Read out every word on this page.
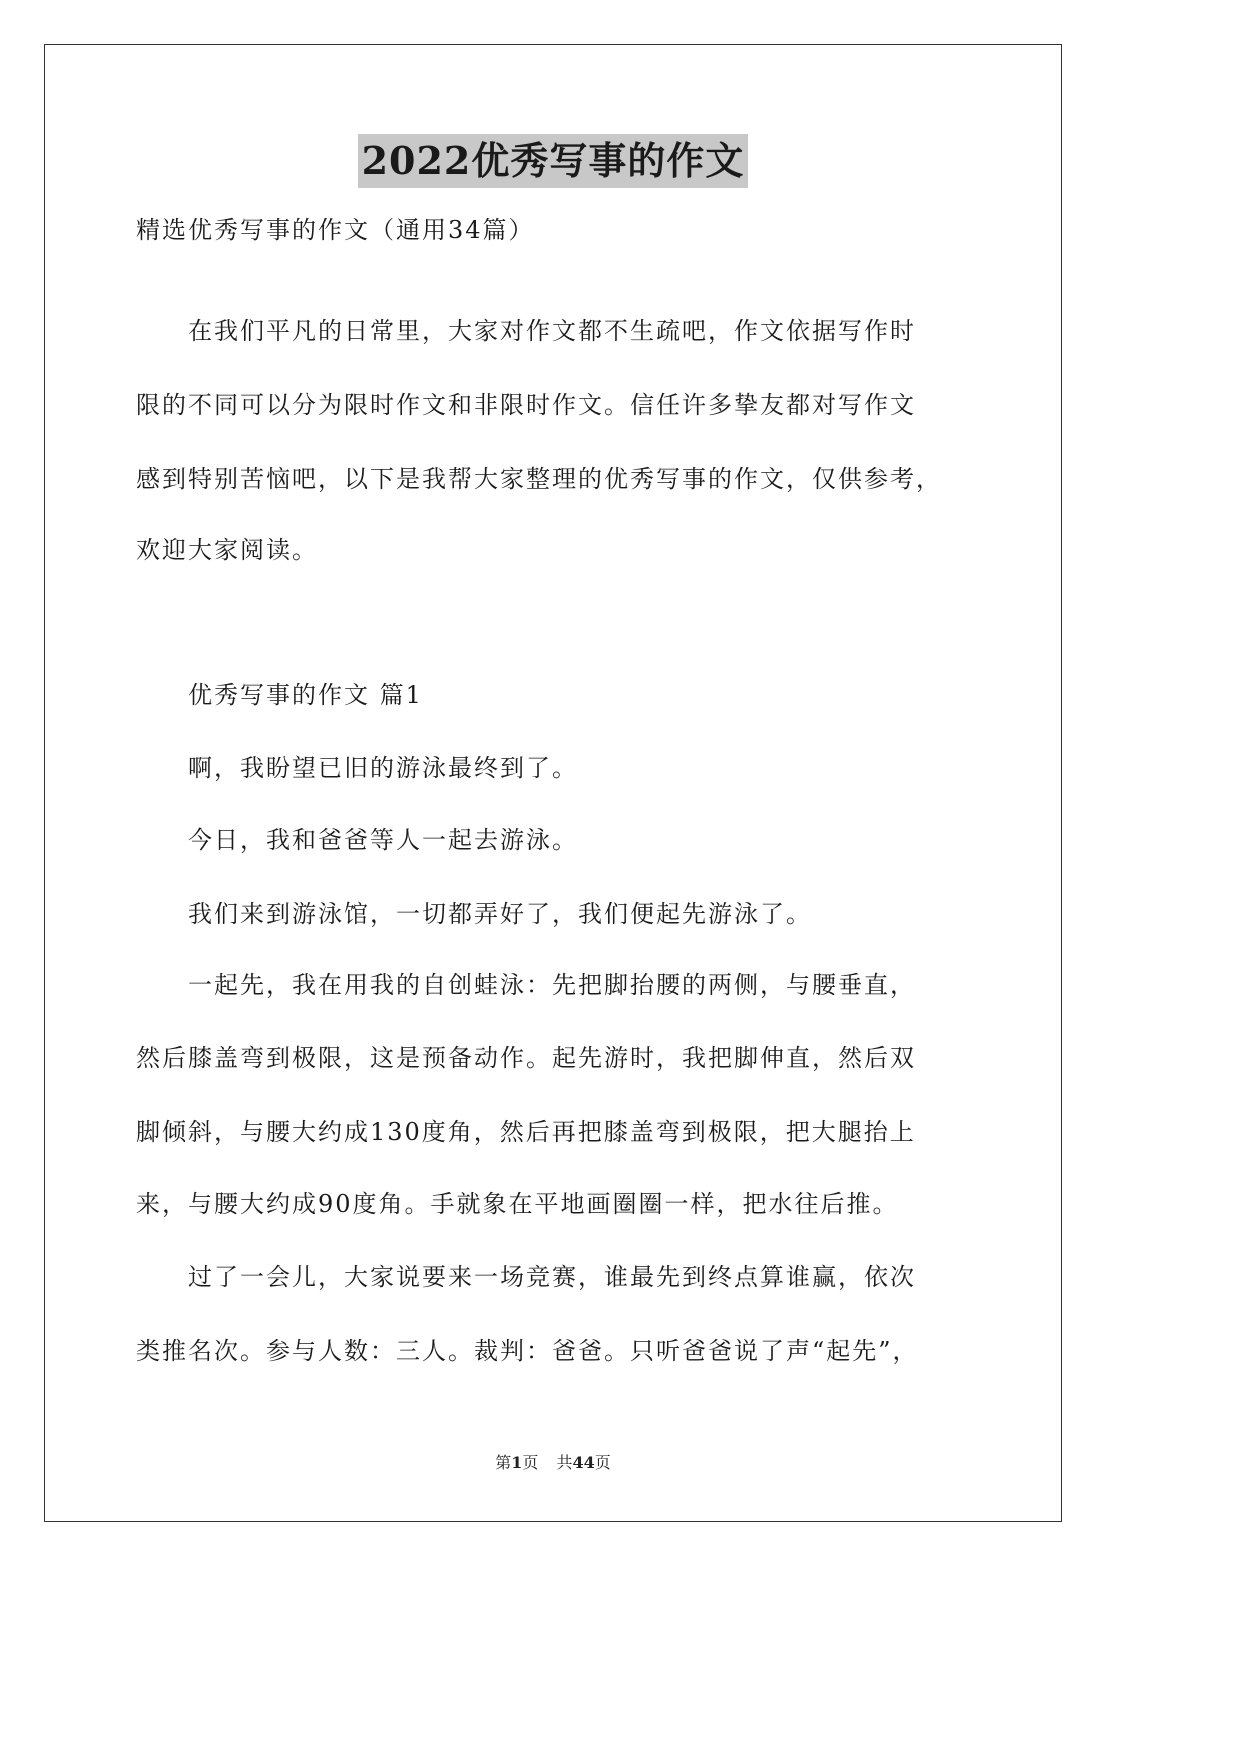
2022优秀写事的作文
精选优秀写事的作文（通用34篇）
　　在我们平凡的日常里，大家对作文都不生疏吧，作文依据写作时
限的不同可以分为限时作文和非限时作文。信任许多挚友都对写作文
感到特别苦恼吧，以下是我帮大家整理的优秀写事的作文，仅供参考，
欢迎大家阅读。
　　优秀写事的作文 篇1
　　啊，我盼望已旧的游泳最终到了。
　　今日，我和爸爸等人一起去游泳。
　　我们来到游泳馆，一切都弄好了，我们便起先游泳了。
　　一起先，我在用我的自创蛙泳：先把脚抬腰的两侧，与腰垂直，
然后膝盖弯到极限，这是预备动作。起先游时，我把脚伸直，然后双
脚倾斜，与腰大约成130度角，然后再把膝盖弯到极限，把大腿抬上
来，与腰大约成90度角。手就象在平地画圈圈一样，把水往后推。
　　过了一会儿，大家说要来一场竞赛，谁最先到终点算谁赢，依次
类推名次。参与人数：三人。裁判：爸爸。只听爸爸说了声“起先”，
第1页 共44页
